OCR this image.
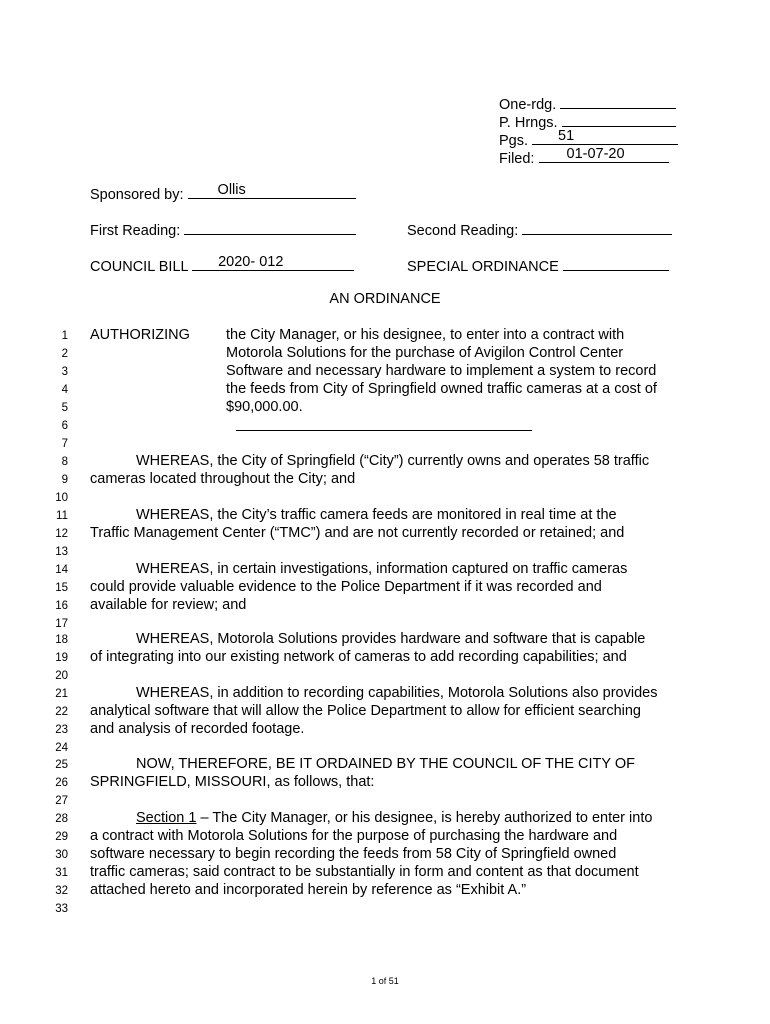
One-rdg.
P. Hrngs.
Pgs. 51
Filed: 01-07-20
Sponsored by: Ollis
First Reading:	Second Reading:
COUNCIL BILL 2020- 012	SPECIAL ORDINANCE
AN ORDINANCE
1
2
3
4
5
6
7
8
9
10
11
12
13
14
15
16
17
18
19
20
21
22
23
24
25
26
27
28
29
30
31
32
33
AUTHORIZING the City Manager, or his designee, to enter into a contract with
Motorola Solutions for the purchase of Avigilon Control Center
Software and necessary hardware to implement a system to record
the feeds from City of Springfield owned traffic cameras at a cost of
$90,000.00.
WHEREAS, the City of Springfield (“City”) currently owns and operates 58 traffic
cameras located throughout the City; and
WHEREAS, the City’s traffic camera feeds are monitored in real time at the
Traffic Management Center (“TMC”) and are not currently recorded or retained; and
WHEREAS, in certain investigations, information captured on traffic cameras
could provide valuable evidence to the Police Department if it was recorded and
available for review; and
WHEREAS, Motorola Solutions provides hardware and software that is capable
of integrating into our existing network of cameras to add recording capabilities; and
WHEREAS, in addition to recording capabilities, Motorola Solutions also provides
analytical software that will allow the Police Department to allow for efficient searching
and analysis of recorded footage.
NOW, THEREFORE, BE IT ORDAINED BY THE COUNCIL OF THE CITY OF
SPRINGFIELD, MISSOURI, as follows, that:
Section 1 – The City Manager, or his designee, is hereby authorized to enter into
a contract with Motorola Solutions for the purpose of purchasing the hardware and
software necessary to begin recording the feeds from 58 City of Springfield owned
traffic cameras; said contract to be substantially in form and content as that document
attached hereto and incorporated herein by reference as “Exhibit A.”
1 of 51
